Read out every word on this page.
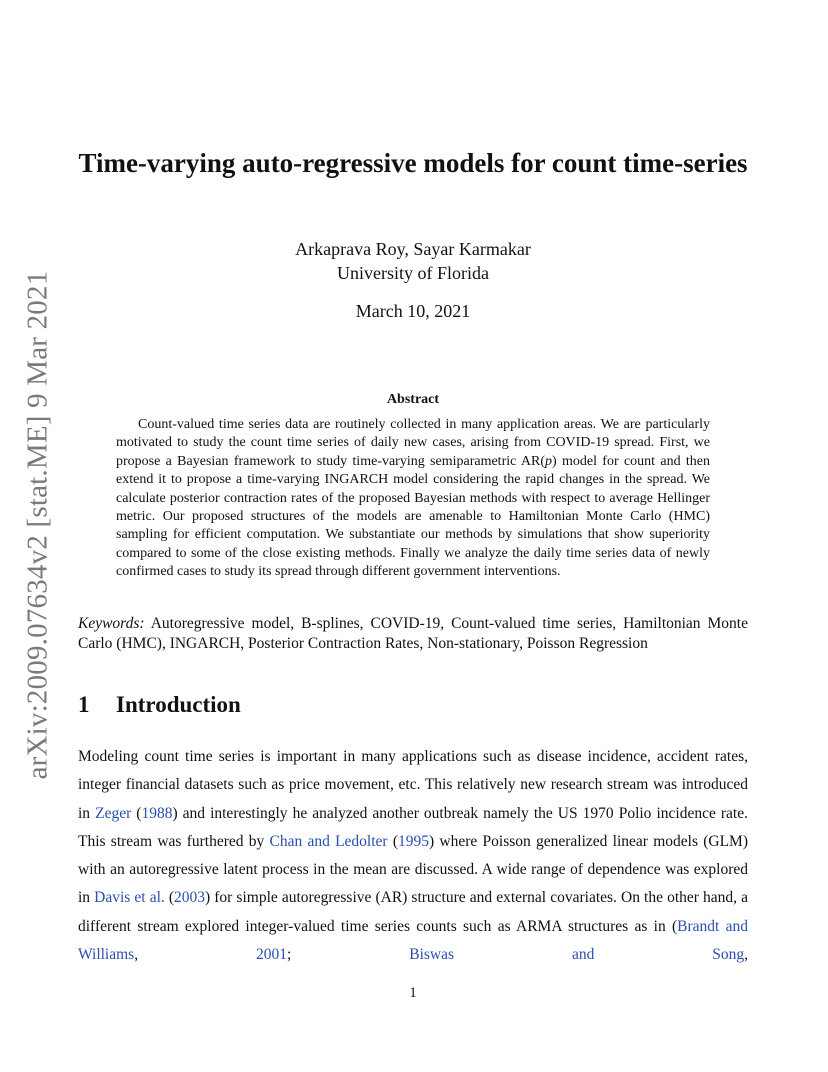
arXiv:2009.07634v2 [stat.ME] 9 Mar 2021
Time-varying auto-regressive models for count time-series
Arkaprava Roy, Sayar Karmakar
University of Florida
March 10, 2021
Abstract

Count-valued time series data are routinely collected in many application areas. We are particularly motivated to study the count time series of daily new cases, arising from COVID-19 spread. First, we propose a Bayesian framework to study time-varying semiparametric AR(p) model for count and then extend it to propose a time-varying INGARCH model considering the rapid changes in the spread. We calculate posterior contraction rates of the proposed Bayesian methods with respect to average Hellinger metric. Our proposed structures of the models are amenable to Hamiltonian Monte Carlo (HMC) sampling for efficient computation. We substantiate our methods by simulations that show superiority compared to some of the close existing methods. Finally we analyze the daily time series data of newly confirmed cases to study its spread through different government interventions.

Keywords: Autoregressive model, B-splines, COVID-19, Count-valued time series, Hamiltonian Monte Carlo (HMC), INGARCH, Posterior Contraction Rates, Non-stationary, Poisson Regression

1 Introduction

Modeling count time series is important in many applications such as disease incidence, accident rates, integer financial datasets such as price movement, etc. This relatively new research stream was introduced in Zeger (1988) and interestingly he analyzed another outbreak namely the US 1970 Polio incidence rate. This stream was furthered by Chan and Ledolter (1995) where Poisson generalized linear models (GLM) with an autoregressive latent process in the mean are discussed. A wide range of dependence was explored in Davis et al. (2003) for simple autoregressive (AR) structure and external covariates. On the other hand, a different stream explored integer-valued time series counts such as ARMA structures as in (Brandt and Williams, 2001; Biswas and Song,

1
